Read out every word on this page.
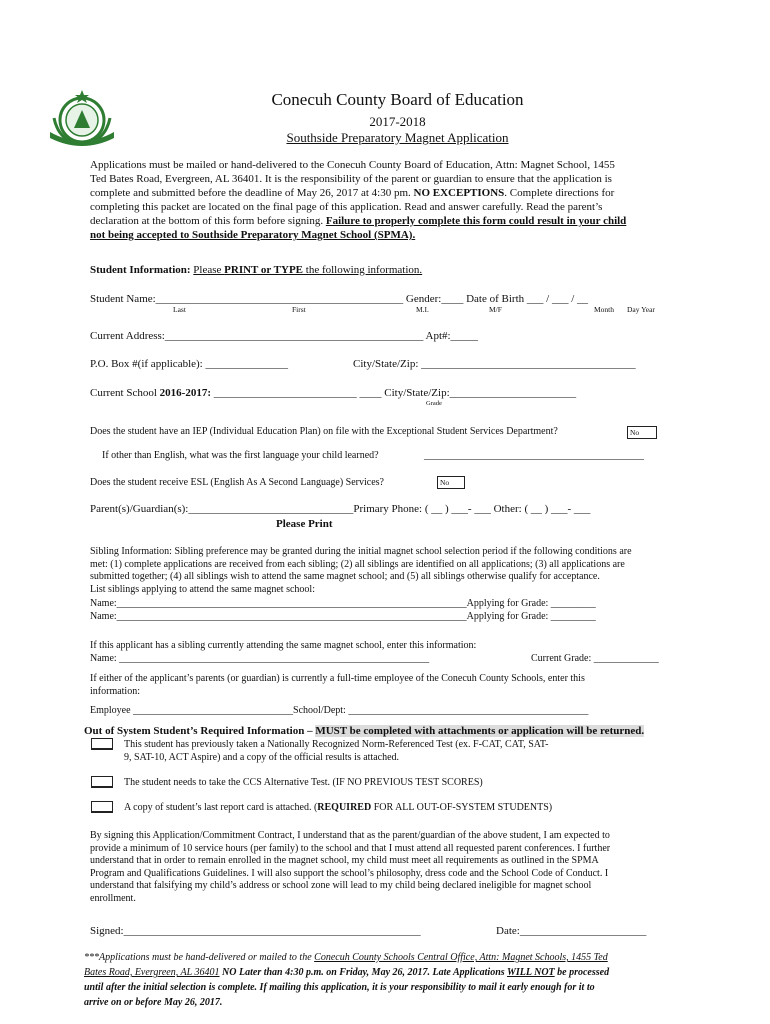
Conecuh County Board of Education
2017-2018
Southside Preparatory Magnet Application
Applications must be mailed or hand-delivered to the Conecuh County Board of Education, Attn: Magnet School, 1455
Ted Bates Road, Evergreen, AL 36401. It is the responsibility of the parent or guardian to ensure that the application is
complete and submitted before the deadline of May 26, 2017 at 4:30 pm. NO EXCEPTIONS. Complete directions for
completing this packet are located on the final page of this application. Read and answer carefully. Read the parent’s
declaration at the bottom of this form before signing. Failure to properly complete this form could result in your child
not being accepted to Southside Preparatory Magnet School (SPMA).
Student Information: Please PRINT or TYPE the following information.
Student Name:_____________________________________________ Gender:____ Date of Birth ___ / ___ / __
Last	First	M.I.	M/F	Month Day Year
Current Address:_______________________________________________ Apt#:_____
P.O. Box #(if applicable): _______________	City/State/Zip: _______________________________________
Current School 2016-2017: __________________________ ____ City/State/Zip:_______________________
Grade
Does the student have an IEP (Individual Education Plan) on file with the Exceptional Student Services Department?	No
If other than English, what was the first language your child learned?	____________________________________________
Does the student receive ESL (English As A Second Language) Services?	No
Parent(s)/Guardian(s):______________________________Primary Phone: ( __ ) ___- ___ Other: ( __ ) ___- ___
Please Print
Sibling Information: Sibling preference may be granted during the initial magnet school selection period if the following conditions are
met: (1) complete applications are received from each sibling; (2) all siblings are identified on all applications; (3) all applications are
submitted together; (4) all siblings wish to attend the same magnet school; and (5) all siblings otherwise qualify for acceptance.
List siblings applying to attend the same magnet school:
Name:______________________________________________________________________Applying for Grade: _________
Name:______________________________________________________________________Applying for Grade: _________
If this applicant has a sibling currently attending the same magnet school, enter this information:
Name: ______________________________________________________________	Current Grade: _____________
If either of the applicant’s parents (or guardian) is currently a full-time employee of the Conecuh County Schools, enter this
information:
Employee ________________________________School/Dept: ________________________________________________
Out of System Student’s Required Information – MUST be completed with attachments or application will be returned.
This student has previously taken a Nationally Recognized Norm-Referenced Test (ex. F-CAT, CAT, SAT-
9, SAT-10, ACT Aspire) and a copy of the official results is attached.
The student needs to take the CCS Alternative Test. (IF NO PREVIOUS TEST SCORES)
A copy of student’s last report card is attached. (REQUIRED FOR ALL OUT-OF-SYSTEM STUDENTS)
By signing this Application/Commitment Contract, I understand that as the parent/guardian of the above student, I am expected to
provide a minimum of 10 service hours (per family) to the school and that I must attend all requested parent conferences. I further
understand that in order to remain enrolled in the magnet school, my child must meet all requirements as outlined in the SPMA
Program and Qualifications Guidelines. I will also support the school’s philosophy, dress code and the School Code of Conduct. I
understand that falsifying my child’s address or school zone will lead to my child being declared ineligible for magnet school
enrollment.
Signed:______________________________________________________	Date:_______________________
***Applications must be hand-delivered or mailed to the Conecuh County Schools Central Office, Attn: Magnet Schools, 1455 Ted
Bates Road, Evergreen, AL 36401 NO Later than 4:30 p.m. on Friday, May 26, 2017. Late Applications WILL NOT be processed
until after the initial selection is complete. If mailing this application, it is your responsibility to mail it early enough for it to
arrive on or before May 26, 2017.
